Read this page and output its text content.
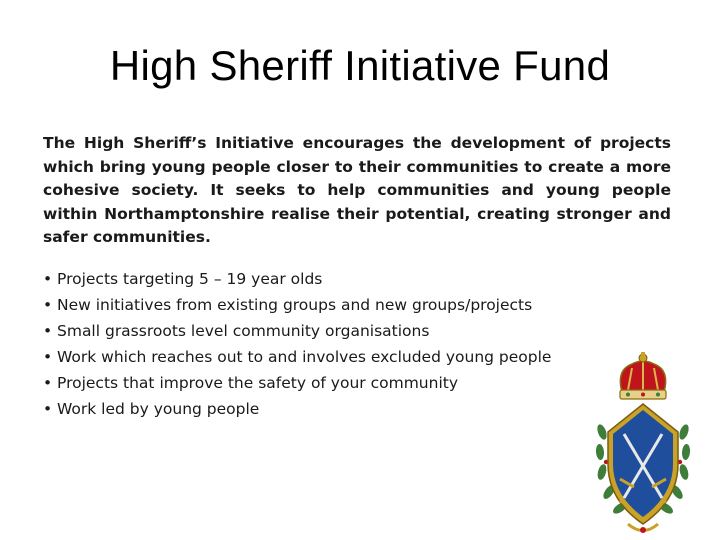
High Sheriff Initiative Fund

The High Sheriff’s Initiative encourages the development of projects which bring young people closer to their communities to create a more cohesive society. It seeks to help communities and young people within Northamptonshire realise their potential, creating stronger and safer communities.

• Projects targeting 5 – 19 year olds
• New initiatives from existing groups and new groups/projects
• Small grassroots level community organisations
• Work which reaches out to and involves excluded young people
• Projects that improve the safety of your community
• Work led by young people
